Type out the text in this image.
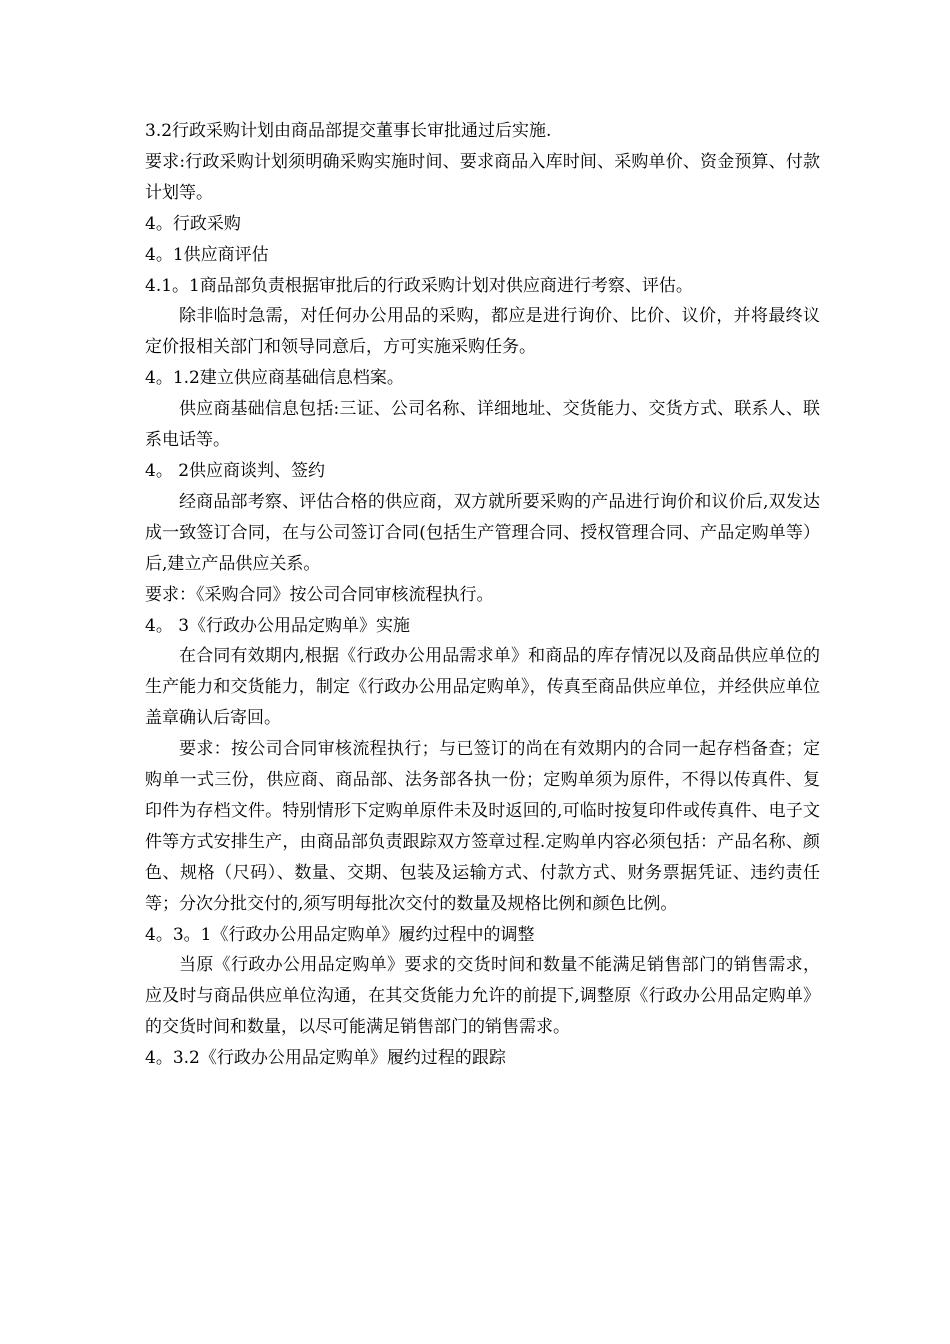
3.2行政采购计划由商品部提交董事长审批通过后实施.

要求:行政采购计划须明确采购实施时间、要求商品入库时间、采购单价、资金预算、付款计划等。

4。行政采购

4。1供应商评估

4.1。1商品部负责根据审批后的行政采购计划对供应商进行考察、评估。

除非临时急需，对任何办公用品的采购，都应是进行询价、比价、议价，并将最终议定价报相关部门和领导同意后，方可实施采购任务。

4。1.2建立供应商基础信息档案。

供应商基础信息包括:三证、公司名称、详细地址、交货能力、交货方式、联系人、联系电话等。

4。 2供应商谈判、签约

经商品部考察、评估合格的供应商，双方就所要采购的产品进行询价和议价后,双发达成一致签订合同，在与公司签订合同(包括生产管理合同、授权管理合同、产品定购单等）后,建立产品供应关系。

要求：《采购合同》按公司合同审核流程执行。

4。 3《行政办公用品定购单》实施

在合同有效期内,根据《行政办公用品需求单》和商品的库存情况以及商品供应单位的生产能力和交货能力，制定《行政办公用品定购单》，传真至商品供应单位，并经供应单位盖章确认后寄回。

要求：按公司合同审核流程执行；与已签订的尚在有效期内的合同一起存档备查；定购单一式三份，供应商、商品部、法务部各执一份；定购单须为原件，不得以传真件、复印件为存档文件。特别情形下定购单原件未及时返回的,可临时按复印件或传真件、电子文件等方式安排生产，由商品部负责跟踪双方签章过程.定购单内容必须包括：产品名称、颜色、规格（尺码）、数量、交期、包装及运输方式、付款方式、财务票据凭证、违约责任等；分次分批交付的,须写明每批次交付的数量及规格比例和颜色比例。

4。3。1《行政办公用品定购单》履约过程中的调整

当原《行政办公用品定购单》要求的交货时间和数量不能满足销售部门的销售需求，应及时与商品供应单位沟通，在其交货能力允许的前提下,调整原《行政办公用品定购单》的交货时间和数量，以尽可能满足销售部门的销售需求。

4。3.2《行政办公用品定购单》履约过程的跟踪
